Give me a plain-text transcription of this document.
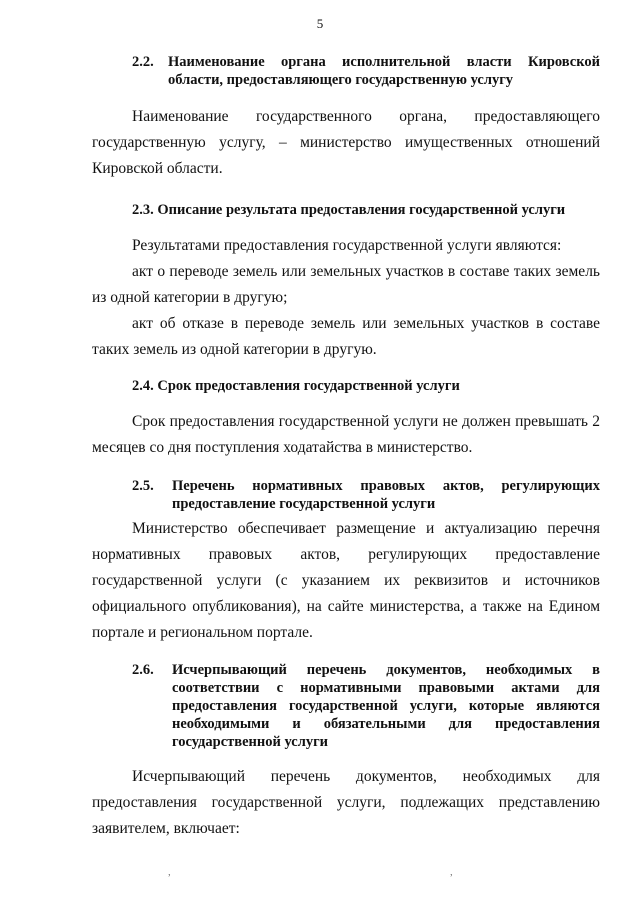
5
2.2. Наименование органа исполнительной власти Кировской области, предоставляющего государственную услугу
Наименование государственного органа, предоставляющего государственную услугу, – министерство имущественных отношений Кировской области.
2.3. Описание результата предоставления государственной услуги
Результатами предоставления государственной услуги являются:
акт о переводе земель или земельных участков в составе таких земель из одной категории в другую;
акт об отказе в переводе земель или земельных участков в составе таких земель из одной категории в другую.
2.4. Срок предоставления государственной услуги
Срок предоставления государственной услуги не должен превышать 2 месяцев со дня поступления ходатайства в министерство.
2.5.	Перечень нормативных правовых актов, регулирующих предоставление государственной услуги
Министерство обеспечивает размещение и актуализацию перечня нормативных правовых актов, регулирующих предоставление государственной услуги (с указанием их реквизитов и источников официального опубликования), на сайте министерства, а также на Едином портале и региональном портале.
2.6.	Исчерпывающий перечень документов, необходимых в соответствии с нормативными правовыми актами для предоставления государственной услуги, которые являются необходимыми и обязательными для предоставления государственной услуги
Исчерпывающий перечень документов, необходимых для предоставления государственной услуги, подлежащих представлению заявителем, включает:
,	,
